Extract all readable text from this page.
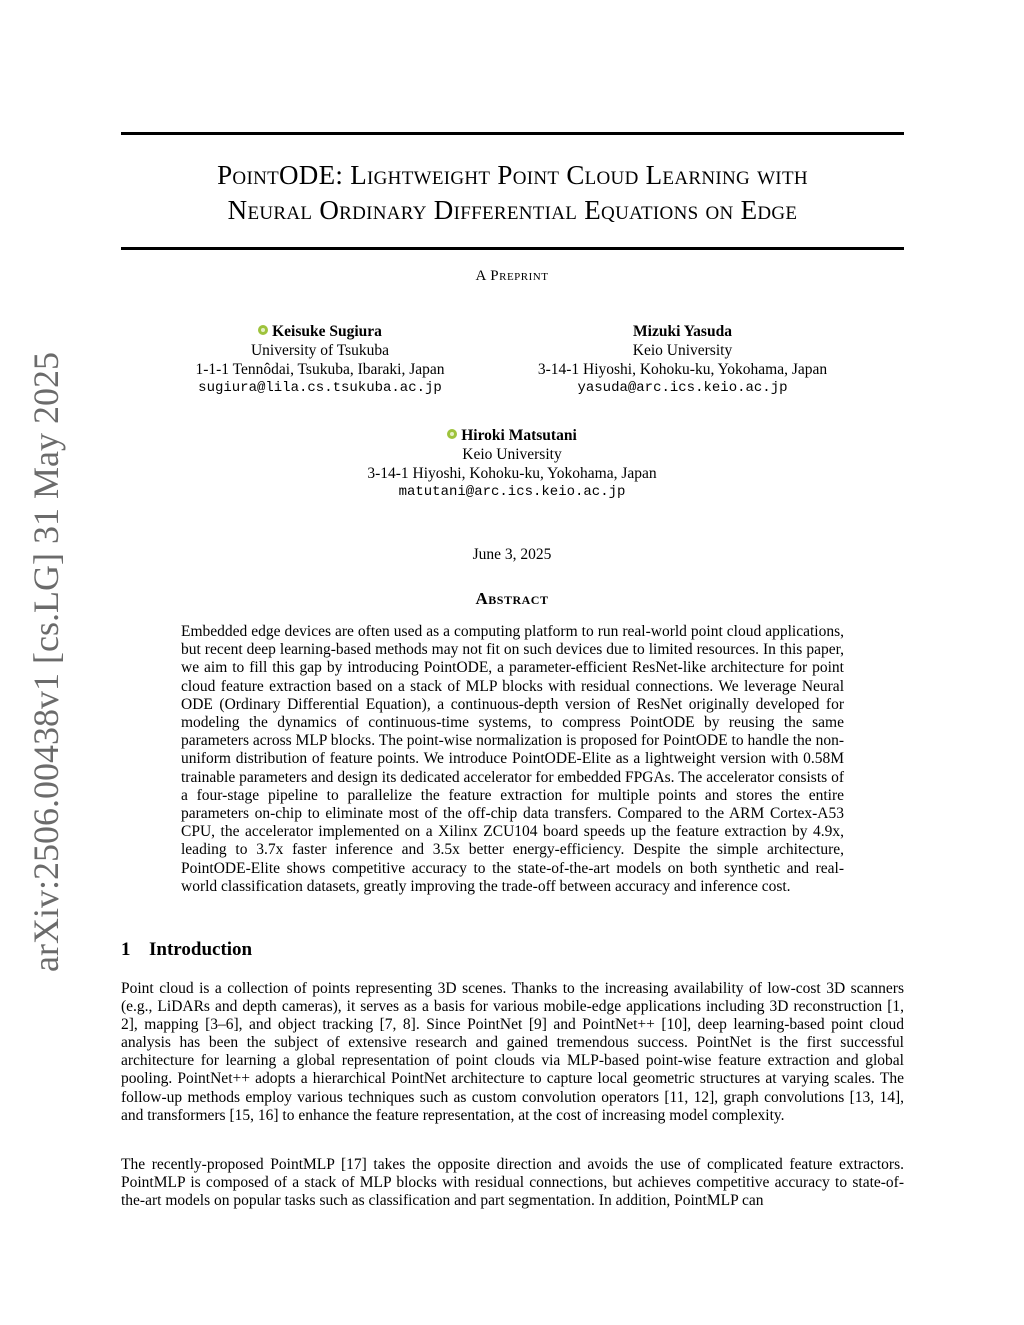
arXiv:2506.00438v1 [cs.LG] 31 May 2025
PointODE: Lightweight Point Cloud Learning with
Neural Ordinary Differential Equations on Edge
A Preprint
Keisuke Sugiura
University of Tsukuba
1-1-1 Tennôdai, Tsukuba, Ibaraki, Japan
sugiura@lila.cs.tsukuba.ac.jp
Mizuki Yasuda
Keio University
3-14-1 Hiyoshi, Kohoku-ku, Yokohama, Japan
yasuda@arc.ics.keio.ac.jp
Hiroki Matsutani
Keio University
3-14-1 Hiyoshi, Kohoku-ku, Yokohama, Japan
matutani@arc.ics.keio.ac.jp
June 3, 2025
Abstract
Embedded edge devices are often used as a computing platform to run real-world point cloud applications, but recent deep learning-based methods may not fit on such devices due to limited resources. In this paper, we aim to fill this gap by introducing PointODE, a parameter-efficient ResNet-like architecture for point cloud feature extraction based on a stack of MLP blocks with residual connections. We leverage Neural ODE (Ordinary Differential Equation), a continuous-depth version of ResNet originally developed for modeling the dynamics of continuous-time systems, to compress PointODE by reusing the same parameters across MLP blocks. The point-wise normalization is proposed for PointODE to handle the non-uniform distribution of feature points. We introduce PointODE-Elite as a lightweight version with 0.58M trainable parameters and design its dedicated accelerator for embedded FPGAs. The accelerator consists of a four-stage pipeline to parallelize the feature extraction for multiple points and stores the entire parameters on-chip to eliminate most of the off-chip data transfers. Compared to the ARM Cortex-A53 CPU, the accelerator implemented on a Xilinx ZCU104 board speeds up the feature extraction by 4.9x, leading to 3.7x faster inference and 3.5x better energy-efficiency. Despite the simple architecture, PointODE-Elite shows competitive accuracy to the state-of-the-art models on both synthetic and real-world classification datasets, greatly improving the trade-off between accuracy and inference cost.
1 Introduction
Point cloud is a collection of points representing 3D scenes. Thanks to the increasing availability of low-cost 3D scanners (e.g., LiDARs and depth cameras), it serves as a basis for various mobile-edge applications including 3D reconstruction [1, 2], mapping [3–6], and object tracking [7, 8]. Since PointNet [9] and PointNet++ [10], deep learning-based point cloud analysis has been the subject of extensive research and gained tremendous success. PointNet is the first successful architecture for learning a global representation of point clouds via MLP-based point-wise feature extraction and global pooling. PointNet++ adopts a hierarchical PointNet architecture to capture local geometric structures at varying scales. The follow-up methods employ various techniques such as custom convolution operators [11, 12], graph convolutions [13, 14], and transformers [15, 16] to enhance the feature representation, at the cost of increasing model complexity.
The recently-proposed PointMLP [17] takes the opposite direction and avoids the use of complicated feature extractors. PointMLP is composed of a stack of MLP blocks with residual connections, but achieves competitive accuracy to state-of-the-art models on popular tasks such as classification and part segmentation. In addition, PointMLP can
